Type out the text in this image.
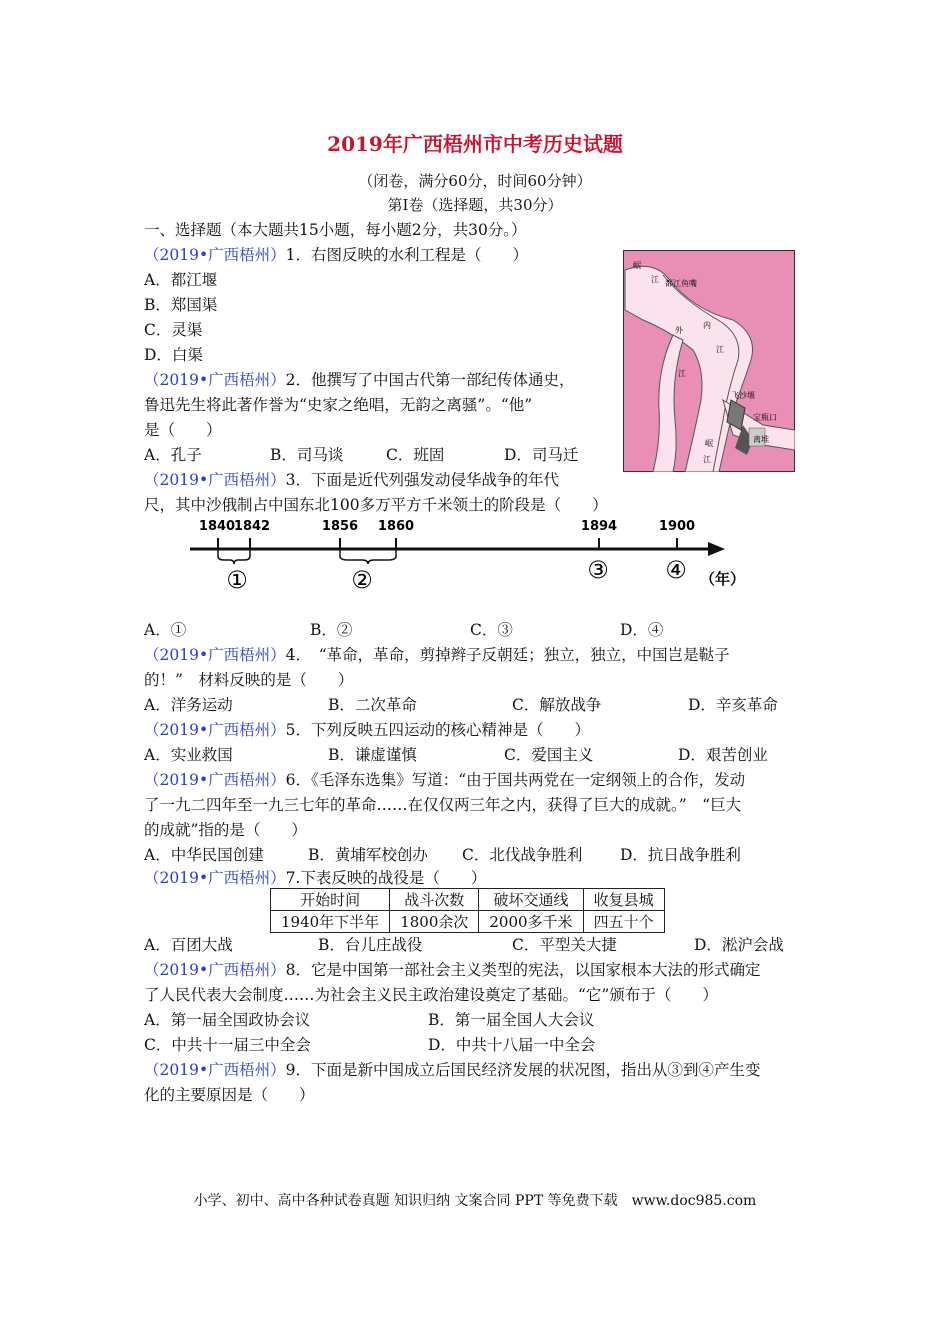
2019年广西梧州市中考历史试题
（闭卷，满分60分，时间60分钟）
第Ⅰ卷（选择题，共30分）
一、选择题（本大题共15小题，每小题2分，共30分。）
（2019•广西梧州）1．右图反映的水利工程是（　　）
A．都江堰
B．郑国渠
C．灵渠
D．白渠
岷
江 都江鱼嘴
内
江
外
江
飞沙堰
宝瓶口
离堆
岷
江
（2019•广西梧州）2．他撰写了中国古代第一部纪传体通史，
鲁迅先生将此著作誉为“史家之绝唱，无韵之离骚”。“他”
是（　　）
A．孔子	B．司马谈	C．班固	D．司马迁
（2019•广西梧州）3．下面是近代列强发动侵华战争的年代
尺，其中沙俄制占中国东北100多万平方千米领土的阶段是（　　）
1840
1842	1856 1860	1894	1900
①	②	③ ④ （年）
A．①	B．②	C．③	D．④
（2019•广西梧州）4．　“革命，革命，剪掉辫子反朝廷；独立，独立，中国岂是鞑子
的！”　材料反映的是（　　）
A．洋务运动	B．二次革命	C．解放战争	D．辛亥革命
（2019•广西梧州）5．下列反映五四运动的核心精神是（　　）
A．实业救国	B．谦虚谨慎	C．爱国主义	D．艰苦创业
（2019•广西梧州）6．《毛泽东选集》写道：“由于国共两党在一定纲领上的合作，发动
了一九二四年至一九三七年的革命……在仅仅两三年之内，获得了巨大的成就。”　“巨大
的成就”指的是（　　）
A．中华民国创建	B．黄埔军校创办 C．北伐战争胜利 D．抗日战争胜利
（2019•广西梧州）7.下表反映的战役是（　　）
开始时间	战斗次数	破坏交通线	收复县城
1940年下半年	1800余次	2000多千米	四五十个
A．百团大战	B．台儿庄战役	C．平型关大捷	D．淞沪会战
（2019•广西梧州）8．它是中国第一部社会主义类型的宪法，以国家根本大法的形式确定
了人民代表大会制度……为社会主义民主政治建设奠定了基础。“它”颁布于（　　）
A．第一届全国政协会议	B．第一届全国人大会议
C．中共十一届三中全会	D．中共十八届一中全会
（2019•广西梧州）9．下面是新中国成立后国民经济发展的状况图，指出从③到④产生变
化的主要原因是（　　）
小学、初中、高中各种试卷真题 知识归纳 文案合同 PPT 等免费下载　www.doc985.com
